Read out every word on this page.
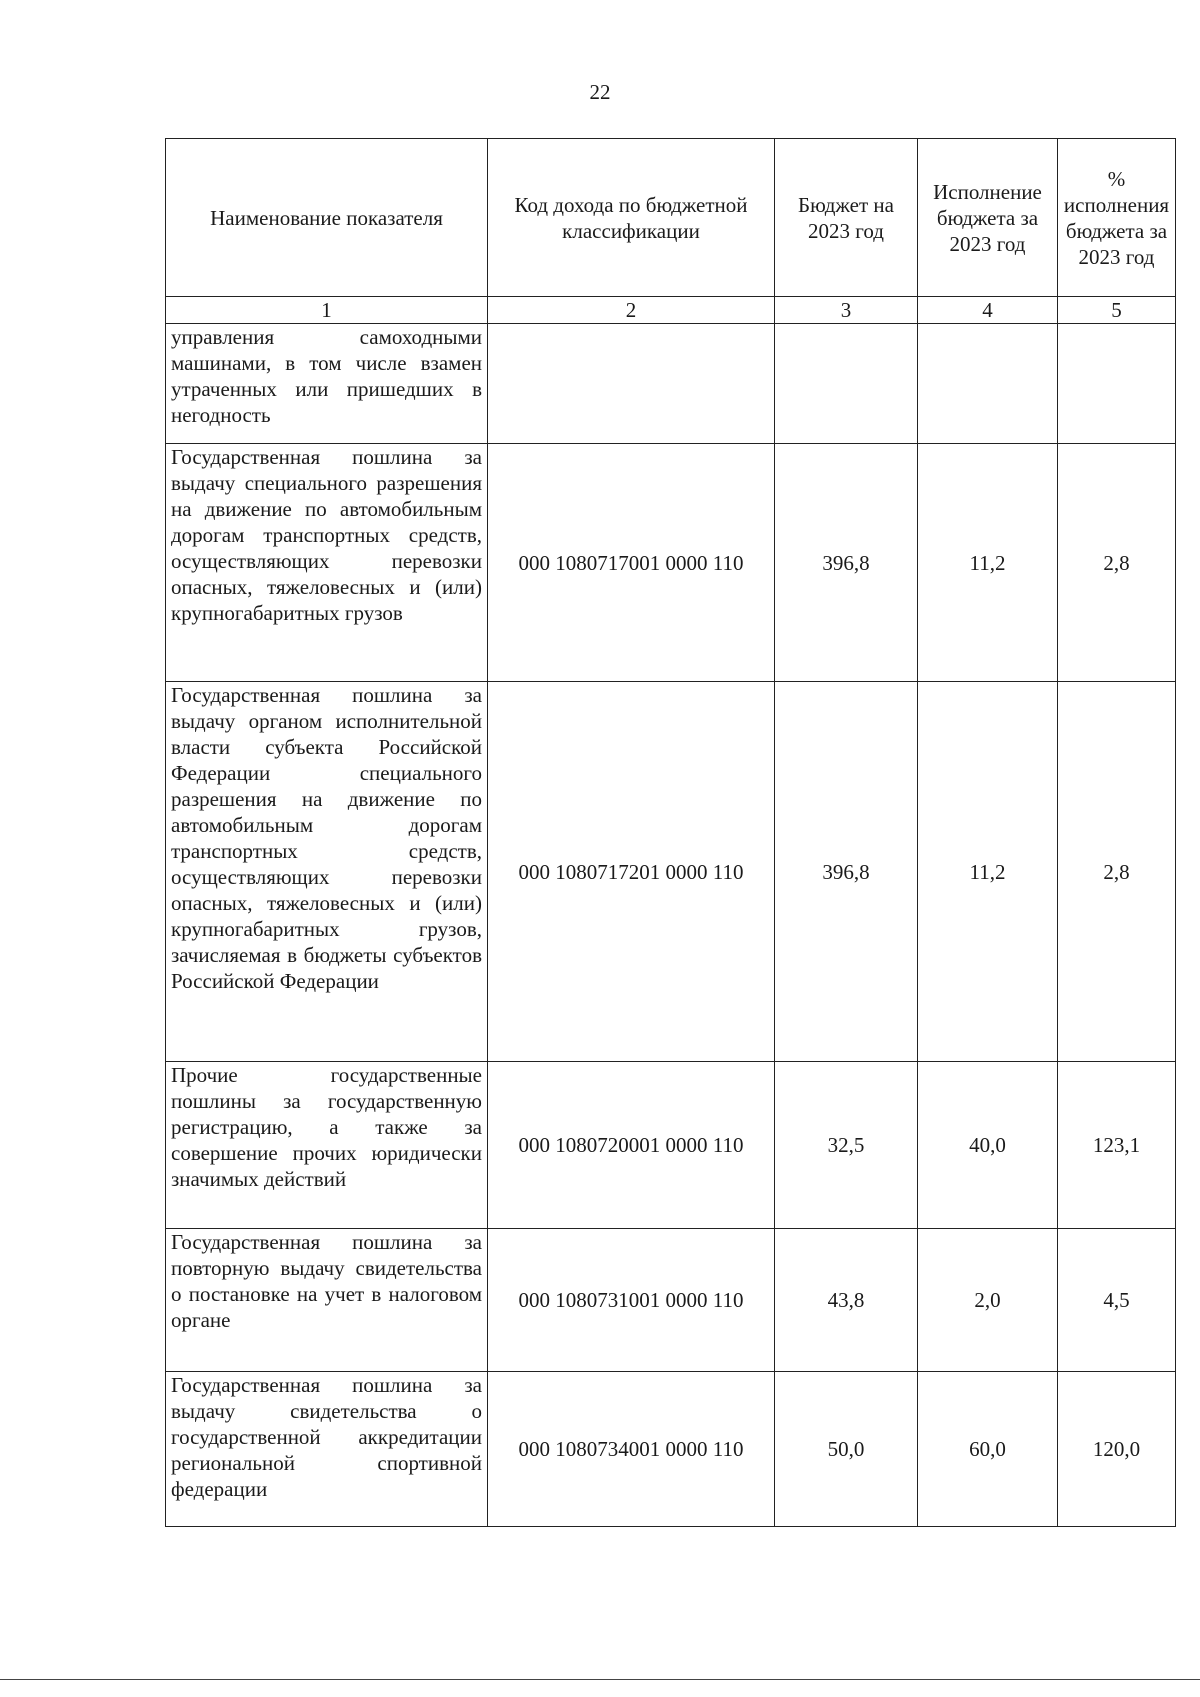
22
Наименование показателя	Код дохода по бюджетной классификации	Бюджет на 2023 год	Исполнение бюджета за 2023 год	% исполнения бюджета за 2023 год
1	2	3	4	5
управления самоходными машинами, в том числе взамен утраченных или пришедших в негодность				
Государственная пошлина за выдачу специального разрешения на движение по автомобильным дорогам транспортных средств, осуществляющих перевозки опасных, тяжеловесных и (или) крупногабаритных грузов	000 1080717001 0000 110	396,8	11,2	2,8
Государственная пошлина за выдачу органом исполнительной власти субъекта Российской Федерации специального разрешения на движение по автомобильным дорогам транспортных средств, осуществляющих перевозки опасных, тяжеловесных и (или) крупногабаритных грузов, зачисляемая в бюджеты субъектов Российской Федерации	000 1080717201 0000 110	396,8	11,2	2,8
Прочие государственные пошлины за государственную регистрацию, а также за совершение прочих юридически значимых действий	000 1080720001 0000 110	32,5	40,0	123,1
Государственная пошлина за повторную выдачу свидетельства о постановке на учет в налоговом органе	000 1080731001 0000 110	43,8	2,0	4,5
Государственная пошлина за выдачу свидетельства о государственной аккредитации региональной спортивной федерации	000 1080734001 0000 110	50,0	60,0	120,0
